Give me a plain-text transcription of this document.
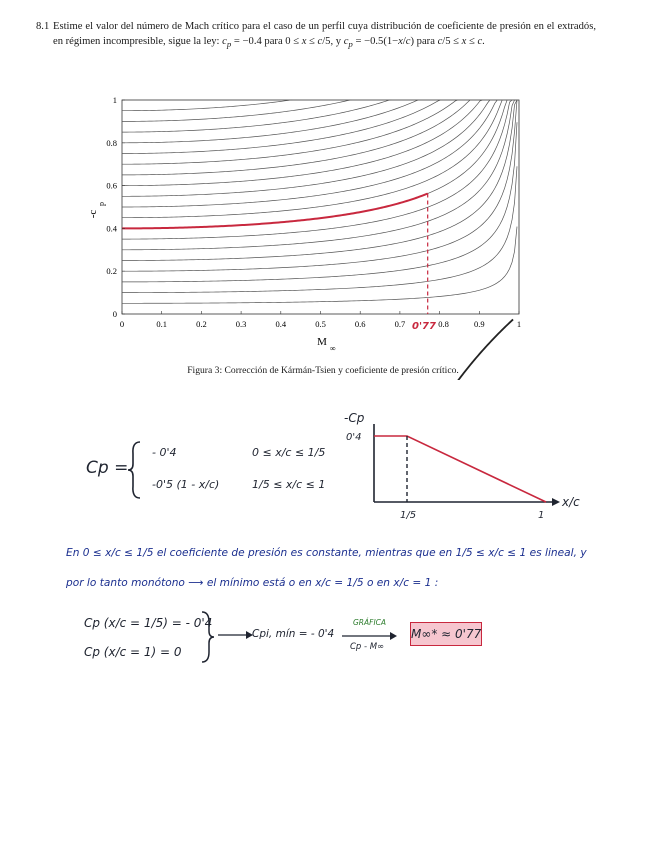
8.1 Estime el valor del número de Mach crítico para el caso de un perfil cuya distribución de coeficiente de presión en el extradós, en régimen incompresible, sigue la ley: $c_p = -0.4$ para 0 ≤ x ≤ c/5, y $c_p = -0.5(1-x/c)$ para c/5 ≤ x ≤ c.
0	0.1	0.2	0.3	0.4	0.5	0.6	0.7	0.9	1
0.8
0
0.2
0.4
0.6
0.8
1
M
∞
-c
p
0'77
Figura 3: Corrección de Kármán-Tsien y coeficiente de presión crítico.
Cp =
- 0'4	0 ≤ x/c ≤ 1/5
-0'5 (1 - x/c)	1/5 ≤ x/c ≤ 1
-Cp
0'4
1/5	1
x/c
En 0 ≤ x/c ≤ 1/5 el coeficiente de presión es constante, mientras que en 1/5 ≤ x/c ≤ 1 es lineal, y
por lo tanto monótono ⟶ el mínimo está o en x/c = 1/5 o en x/c = 1 :
Cp (x/c = 1/5) = - 0'4
Cp (x/c = 1) = 0
Cpi, mín = - 0'4
GRÁFICA
Cp - M∞
M∞* ≈ 0'77
